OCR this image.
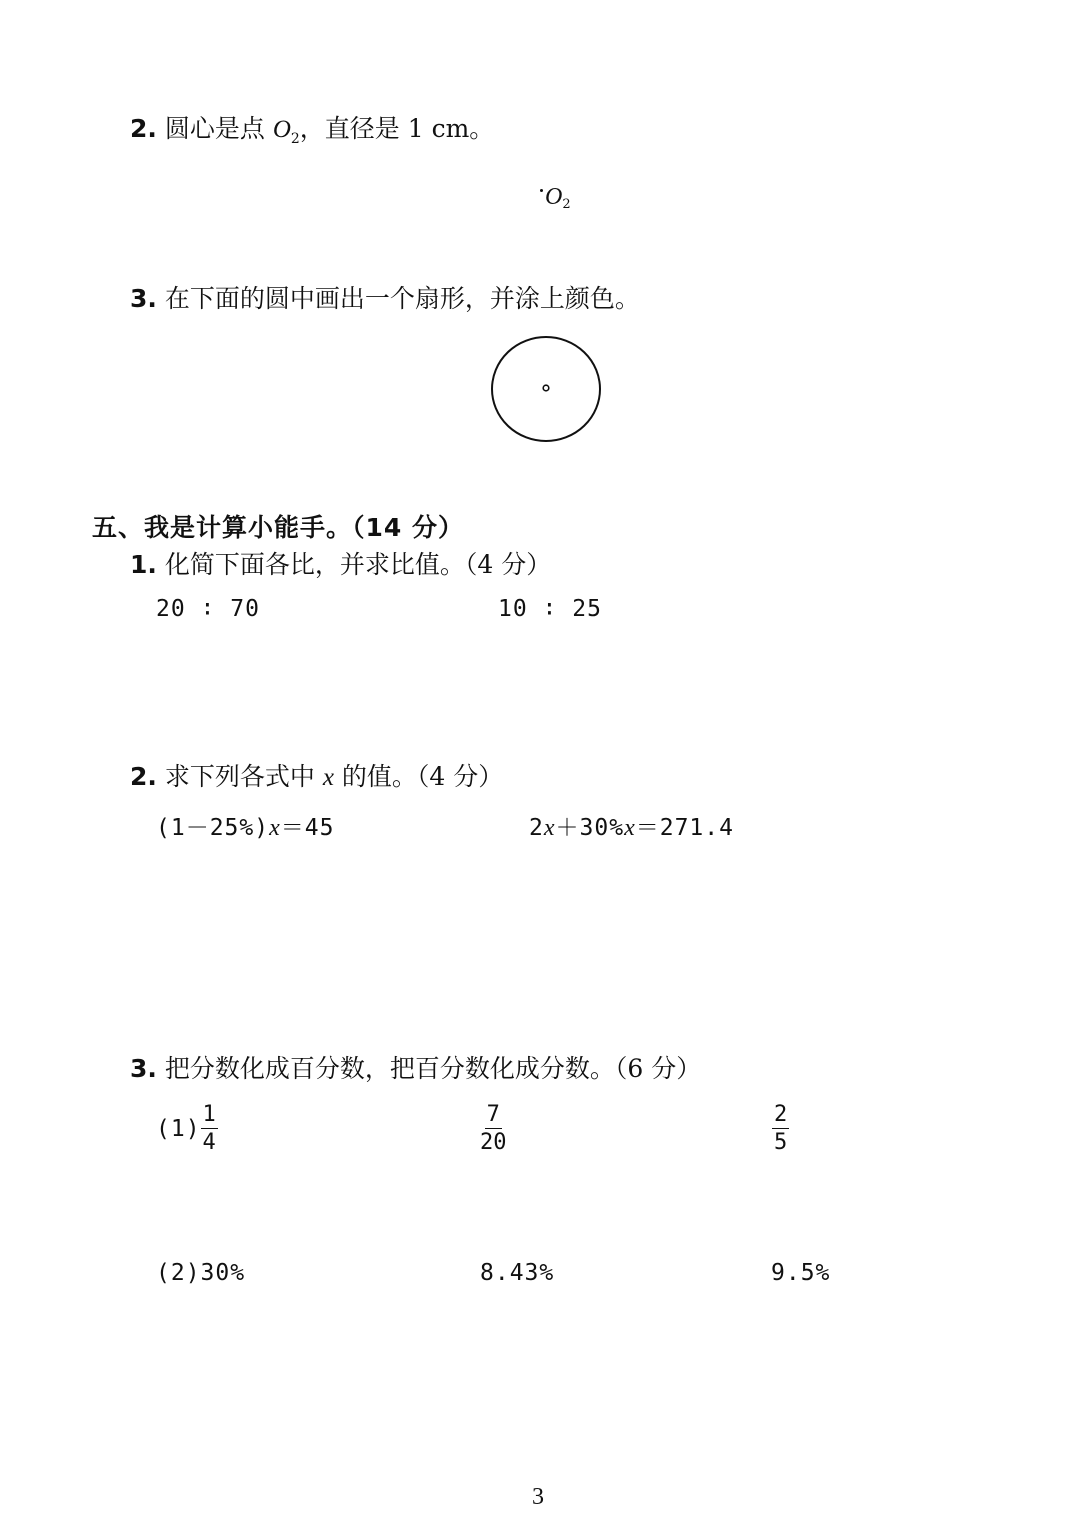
2. 圆心是点 $O_2$，直径是 1 cm。
$O_2$
3. 在下面的圆中画出一个扇形，并涂上颜色。
五、我是计算小能手。（14 分）
1. 化简下面各比，并求比值。（4 分）
20 ∶ 70	10 ∶ 25
2. 求下列各式中 x 的值。（4 分）
(1－25%)x＝45	2x＋30%x＝271.4
3. 把分数化成百分数，把百分数化成分数。（6 分）
$(1) \frac{1}{4}$	$\frac{7}{20}$	$\frac{2}{5}$
(2)30%	8.43%	9.5%
3
